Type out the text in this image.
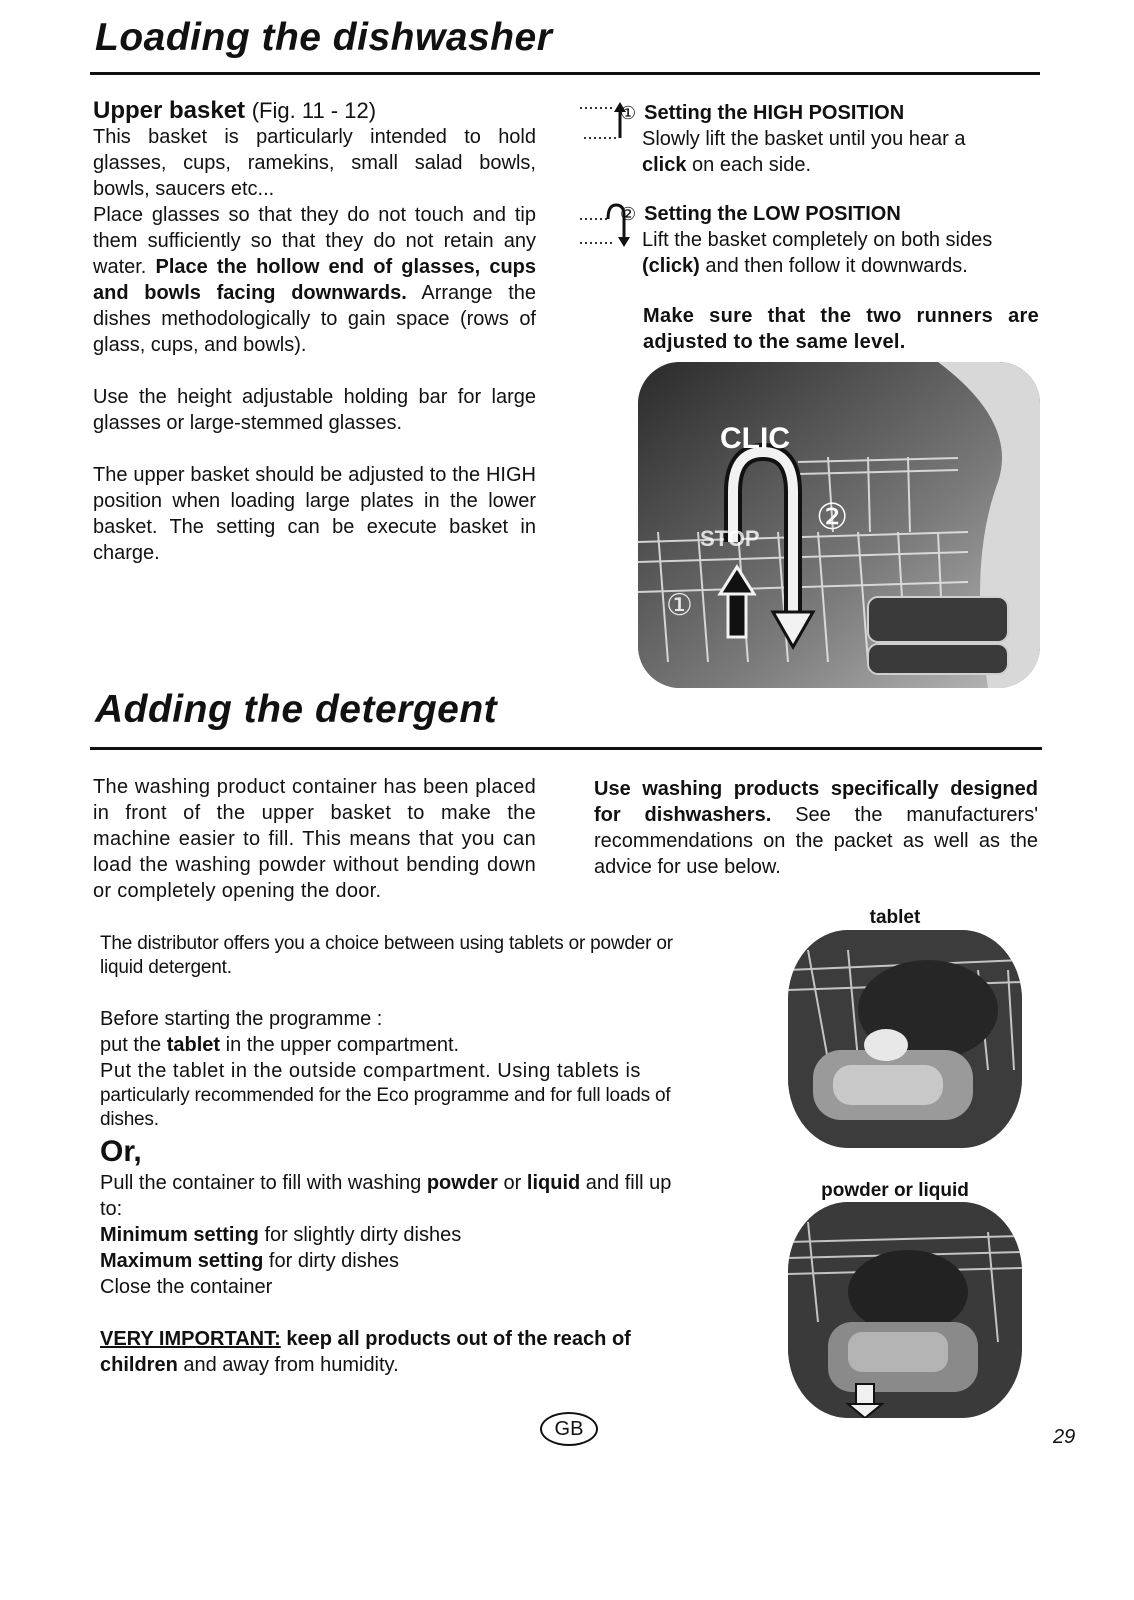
Loading the dishwasher
Upper basket (Fig. 11 - 12)

This basket is particularly intended to hold glasses, cups, ramekins, small salad bowls, bowls, saucers etc...

Place glasses so that they do not touch and tip them sufficiently so that they do not retain any water. Place the hollow end of glasses, cups and bowls facing downwards. Arrange the dishes methodologically to gain space (rows of glass, cups, and bowls).

Use the height adjustable holding bar for large glasses or large-stemmed glasses.

The upper basket should be adjusted to the HIGH position when loading large plates in the lower basket. The setting can be execute basket in charge.

① Setting the HIGH POSITION
Slowly lift the basket until you hear a
click on each side.
② Setting the LOW POSITION
Lift the basket completely on both sides
(click) and then follow it downwards.
Make sure that the two runners are adjusted to the same level.
CLIC
STOP
②
①
Adding the detergent
The washing product container has been placed in front of the upper basket to make the machine easier to fill. This means that you can load the washing powder without bending down or completely opening the door.
Use washing products specifically designed for dishwashers. See the manufacturers' recommendations on the packet as well as the advice for use below.

The distributor offers you a choice between using tablets or powder or liquid detergent.

Before starting the programme :

put the tablet in the upper compartment.

Put the tablet in the outside compartment. Using tablets is

particularly recommended for the Eco programme and for full loads of dishes.

Or,

Pull the container to fill with washing powder or liquid and fill up to:

Minimum setting for slightly dirty dishes

Maximum setting for dirty dishes

Close the container

VERY IMPORTANT: keep all products out of the reach of children and away from humidity.

tablet
powder or liquid
GB	29
